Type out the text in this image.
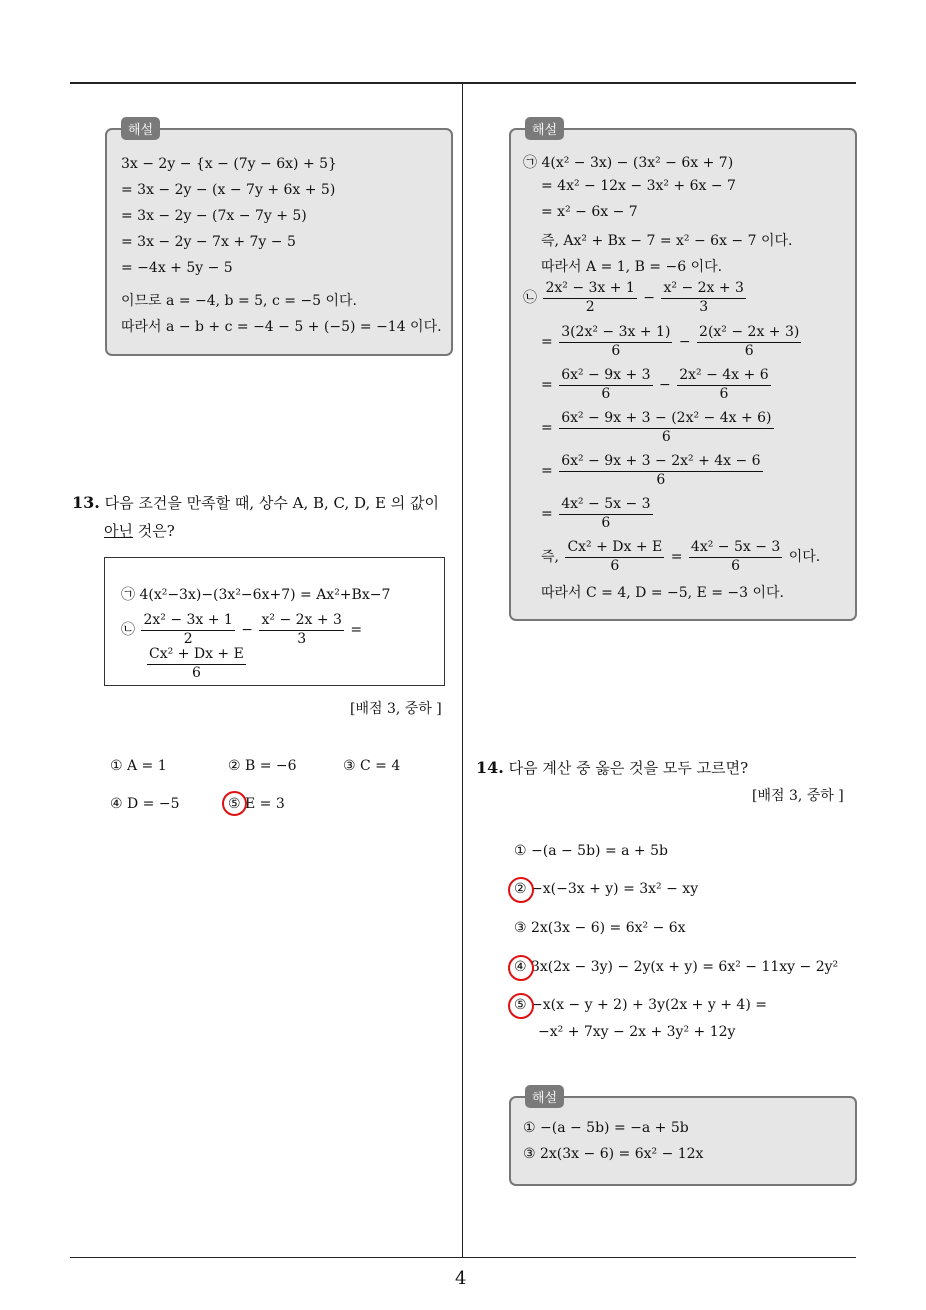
4
해설
3x − 2y − {x − (7y − 6x) + 5}
= 3x − 2y − (x − 7y + 6x + 5)
= 3x − 2y − (7x − 7y + 5)
= 3x − 2y − 7x + 7y − 5
= −4x + 5y − 5
이므로 a = −4, b = 5, c = −5 이다.
따라서 a − b + c = −4 − 5 + (−5) = −14 이다.
13. 다음 조건을 만족할 때, 상수 A, B, C, D, E 의 값이
아닌 것은?
㉠ 4(x²−3x)−(3x²−6x+7) = Ax²+Bx−7
㉡ $\frac{\text{2x² − 3x + 1}}{2} - \frac{\text{x² − 2x + 3}}{3}$ =
$\frac{\text{Cx² + Dx + E}}{6}$
[배점 3, 중하 ]
① A = 1	② B = −6	③ C = 4
④ D = −5	⑤ E = 3
해설
㉠ 4(x² − 3x) − (3x² − 6x + 7)
= 4x² − 12x − 3x² + 6x − 7
= x² − 6x − 7
즉, Ax² + Bx − 7 = x² − 6x − 7 이다.
따라서 A = 1, B = −6 이다.
㉡ $\frac{\text{2x² − 3x + 1}}{2} - \frac{\text{x² − 2x + 3}}{3}$
= $\frac{\text{3(2x² − 3x + 1)}}{6} - \frac{\text{2(x² − 2x + 3)}}{6}$
= $\frac{\text{6x² − 9x + 3}}{6} - \frac{\text{2x² − 4x + 6}}{6}$
= $\frac{\text{6x² − 9x + 3 − (2x² − 4x + 6)}}{6}$
= $\frac{\text{6x² − 9x + 3 − 2x² + 4x − 6}}{6}$
= $\frac{\text{4x² − 5x − 3}}{6}$
즉, $\frac{\text{Cx² + Dx + E}}{6} = \frac{\text{4x² − 5x − 3}}{6}$ 이다.
따라서 C = 4, D = −5, E = −3 이다.
14. 다음 계산 중 옳은 것을 모두 고르면?
[배점 3, 중하 ]
① −(a − 5b) = a + 5b
② −x(−3x + y) = 3x² − xy
③ 2x(3x − 6) = 6x² − 6x
④ 3x(2x − 3y) − 2y(x + y) = 6x² − 11xy − 2y²
⑤ −x(x − y + 2) + 3y(2x + y + 4) =
−x² + 7xy − 2x + 3y² + 12y
해설
① −(a − 5b) = −a + 5b
③ 2x(3x − 6) = 6x² − 12x
